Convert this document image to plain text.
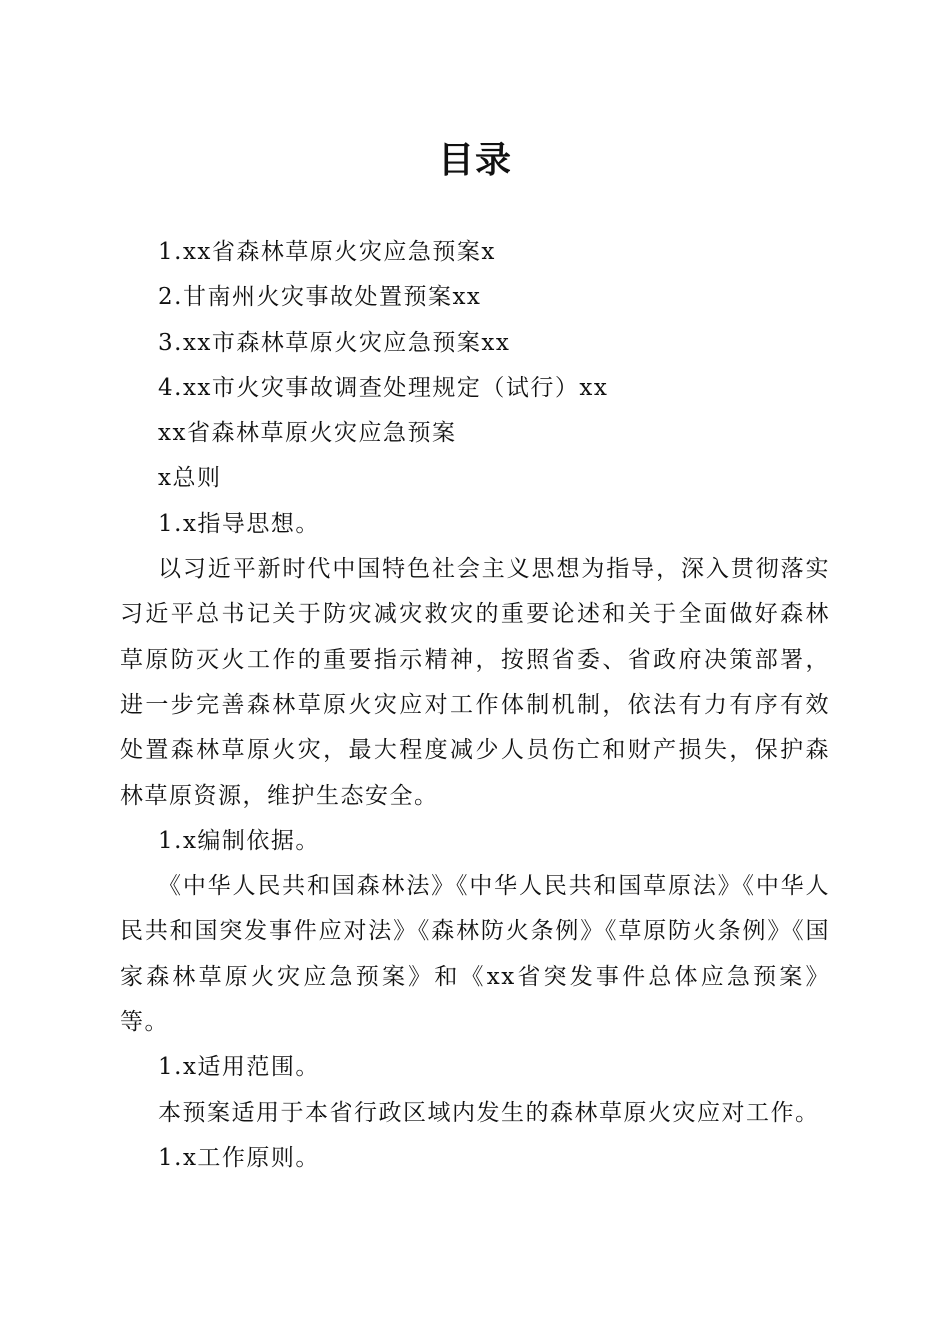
目录
1.xx省森林草原火灾应急预案x
2.甘南州火灾事故处置预案xx
3.xx市森林草原火灾应急预案xx
4.xx市火灾事故调查处理规定（试行）xx
xx省森林草原火灾应急预案
x总则
1.x指导思想。

以习近平新时代中国特色社会主义思想为指导，深入贯彻落实习近平总书记关于防灾减灾救灾的重要论述和关于全面做好森林草原防灭火工作的重要指示精神，按照省委、省政府决策部署，进一步完善森林草原火灾应对工作体制机制，依法有力有序有效处置森林草原火灾，最大程度减少人员伤亡和财产损失，保护森林草原资源，维护生态安全。

1.x编制依据。

《中华人民共和国森林法》《中华人民共和国草原法》《中华人民共和国突发事件应对法》《森林防火条例》《草原防火条例》《国家森林草原火灾应急预案》和《xx省突发事件总体应急预案》等。

1.x适用范围。

本预案适用于本省行政区域内发生的森林草原火灾应对工作。

1.x工作原则。
